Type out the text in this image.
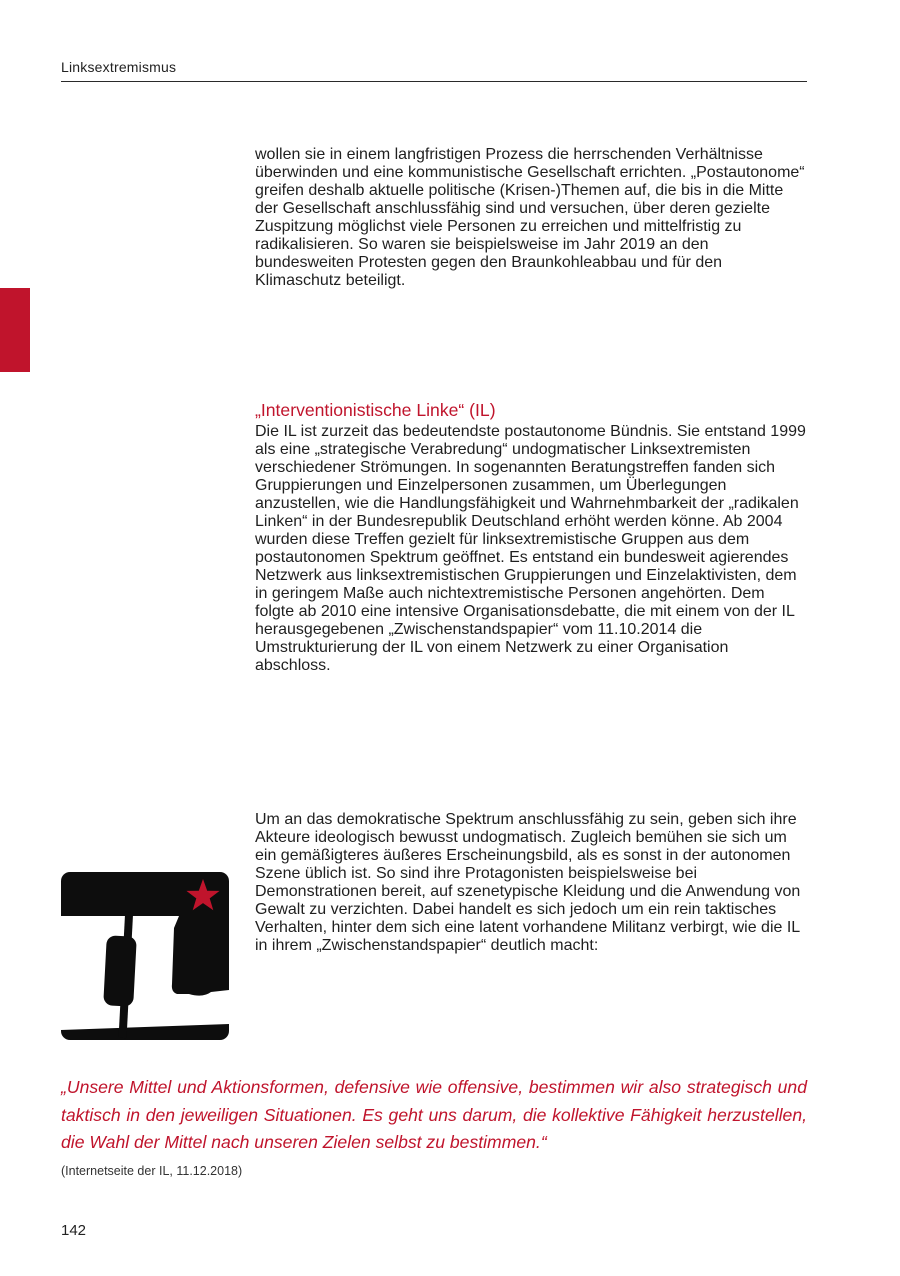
Linksextremismus

wollen sie in einem langfristigen Prozess die herrschenden Verhältnisse überwinden und eine kommunistische Gesellschaft errichten. „Postautonome“ greifen deshalb aktuelle politische (Krisen-)Themen auf, die bis in die Mitte der Gesellschaft anschlussfähig sind und versuchen, über deren gezielte Zuspitzung möglichst viele Personen zu erreichen und mittelfristig zu radikalisieren. So waren sie beispielsweise im Jahr 2019 an den bundesweiten Protesten gegen den Braunkohleabbau und für den Klimaschutz beteiligt.

„Interventionistische Linke“ (IL)

Die IL ist zurzeit das bedeutendste postautonome Bündnis. Sie entstand 1999 als eine „strategische Verabredung“ undogmatischer Linksextremisten verschiedener Strömungen. In sogenannten Beratungstreffen fanden sich Gruppierungen und Einzelpersonen zusammen, um Überlegungen anzustellen, wie die Handlungsfähigkeit und Wahrnehmbarkeit der „radikalen Linken“ in der Bundesrepublik Deutschland erhöht werden könne. Ab 2004 wurden diese Treffen gezielt für linksextremistische Gruppen aus dem postautonomen Spektrum geöffnet. Es entstand ein bundesweit agierendes Netzwerk aus linksextremistischen Gruppierungen und Einzelaktivisten, dem in geringem Maße auch nichtextremistische Personen angehörten. Dem folgte ab 2010 eine intensive Organisationsdebatte, die mit einem von der IL herausgegebenen „Zwischenstandspapier“ vom 11.10.2014 die Umstrukturierung der IL von einem Netzwerk zu einer Organisation abschloss.

Um an das demokratische Spektrum anschlussfähig zu sein, geben sich ihre Akteure ideologisch bewusst undogmatisch. Zugleich bemühen sie sich um ein gemäßigteres äußeres Erscheinungsbild, als es sonst in der autonomen Szene üblich ist. So sind ihre Protagonisten beispielsweise bei Demonstrationen bereit, auf szenetypische Kleidung und die Anwendung von Gewalt zu verzichten. Dabei handelt es sich jedoch um ein rein taktisches Verhalten, hinter dem sich eine latent vorhandene Militanz verbirgt, wie die IL in ihrem „Zwischenstandspapier“ deutlich macht:

„Unsere Mittel und Aktionsformen, defensive wie offensive, bestimmen wir also strategisch und taktisch in den jeweiligen Situationen. Es geht uns darum, die kollektive Fähigkeit herzustellen, die Wahl der Mittel nach unseren Zielen selbst zu bestimmen.“

(Internetseite der IL, 11.12.2018)
142
